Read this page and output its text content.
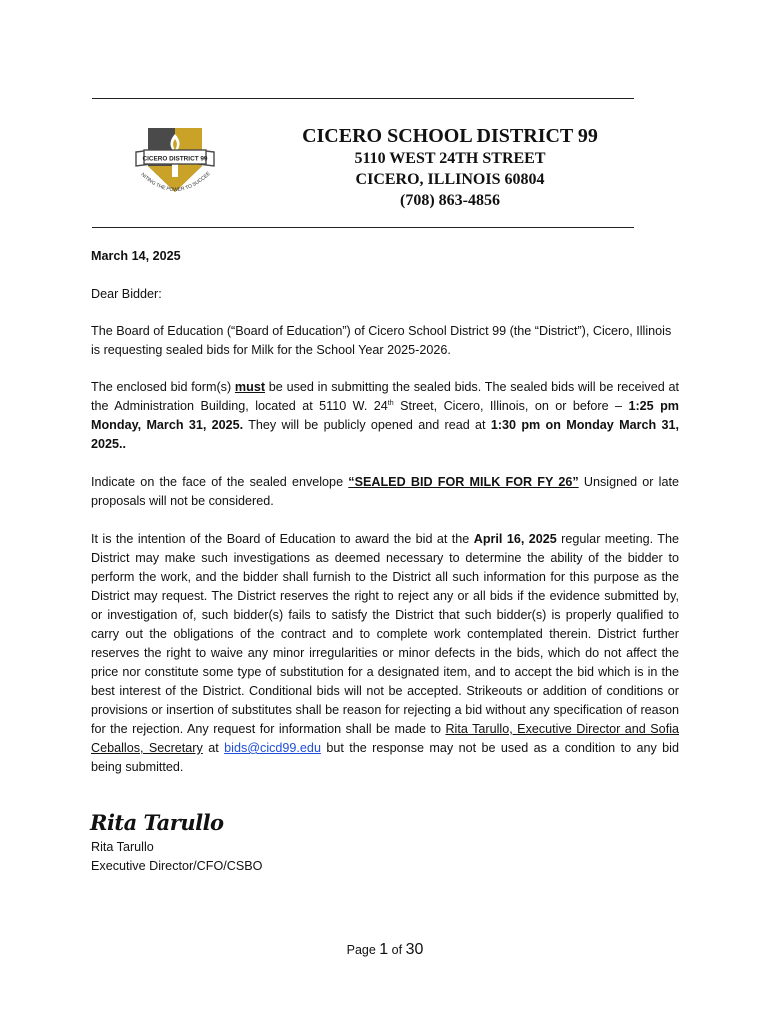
CICERO DISTRICT 99
NITING THE POWER TO SUCCEE
CICERO SCHOOL DISTRICT 99
5110 WEST 24TH STREET
CICERO, ILLINOIS 60804
(708) 863-4856
March 14, 2025
Dear Bidder:
The Board of Education (“Board of Education”) of Cicero School District 99 (the “District”), Cicero, Illinois is requesting sealed bids for Milk for the School Year 2025-2026.
The enclosed bid form(s) must be used in submitting the sealed bids. The sealed bids will be received at the Administration Building, located at 5110 W. 24th Street, Cicero, Illinois, on or before – 1:25 pm Monday, March 31, 2025. They will be publicly opened and read at 1:30 pm on Monday March 31, 2025..
Indicate on the face of the sealed envelope “SEALED BID FOR MILK FOR FY 26” Unsigned or late proposals will not be considered.
It is the intention of the Board of Education to award the bid at the April 16, 2025 regular meeting. The District may make such investigations as deemed necessary to determine the ability of the bidder to perform the work, and the bidder shall furnish to the District all such information for this purpose as the District may request. The District reserves the right to reject any or all bids if the evidence submitted by, or investigation of, such bidder(s) fails to satisfy the District that such bidder(s) is properly qualified to carry out the obligations of the contract and to complete work contemplated therein. District further reserves the right to waive any minor irregularities or minor defects in the bids, which do not affect the price nor constitute some type of substitution for a designated item, and to accept the bid which is in the best interest of the District. Conditional bids will not be accepted. Strikeouts or addition of conditions or provisions or insertion of substitutes shall be reason for rejecting a bid without any specification of reason for the rejection. Any request for information shall be made to Rita Tarullo, Executive Director and Sofia Ceballos, Secretary at bids@cicd99.edu but the response may not be used as a condition to any bid being submitted.
Rita Tarullo
Rita Tarullo
Executive Director/CFO/CSBO
Page 1 of 30
